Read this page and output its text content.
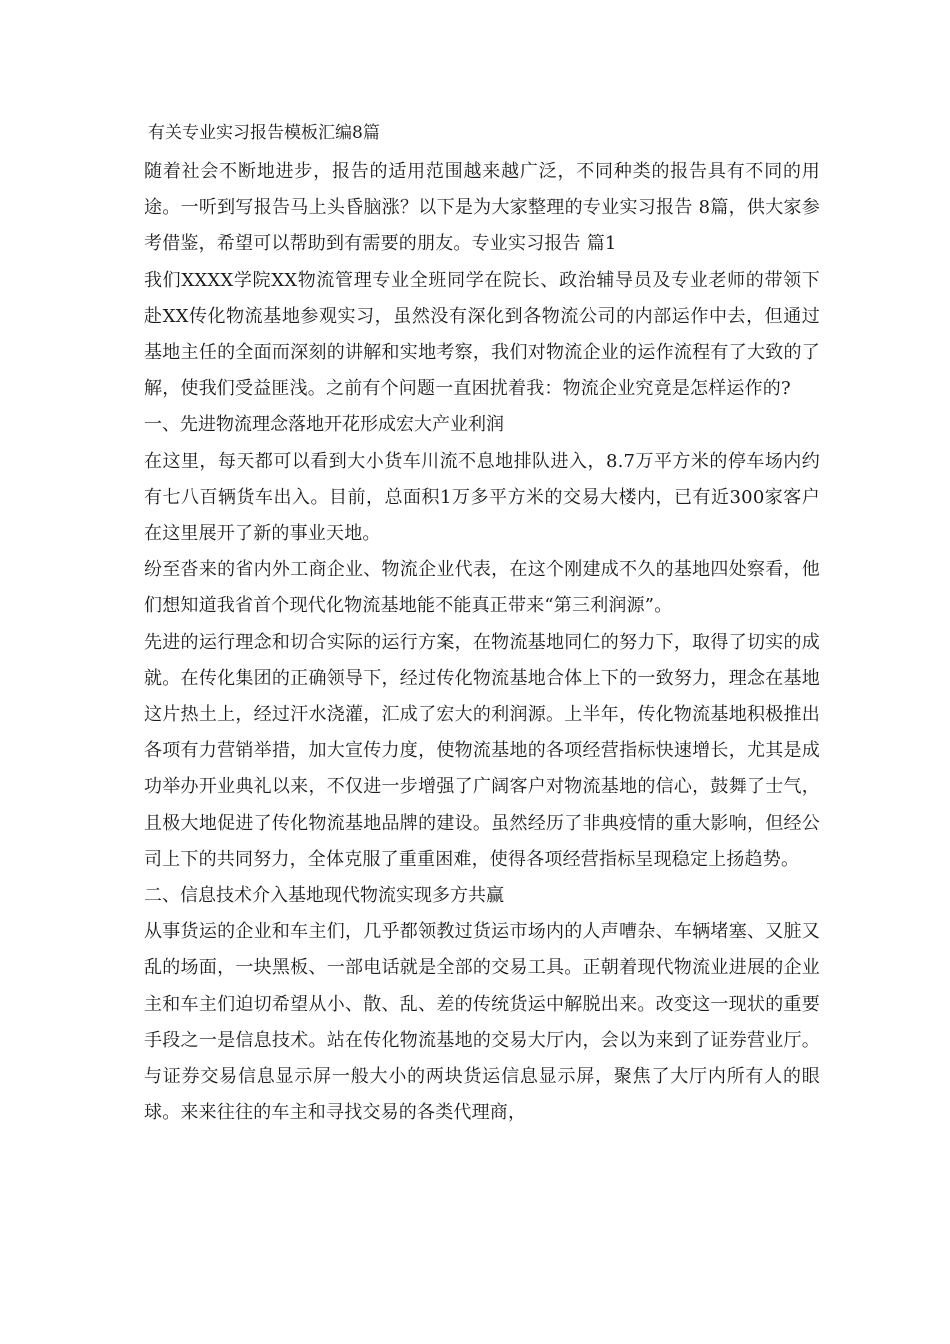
有关专业实习报告模板汇编8篇

随着社会不断地进步，报告的适用范围越来越广泛，不同种类的报告具有不同的用途。一听到写报告马上头昏脑涨？以下是为大家整理的专业实习报告 8篇，供大家参考借鉴，希望可以帮助到有需要的朋友。专业实习报告 篇1

我们XXXX学院XX物流管理专业全班同学在院长、政治辅导员及专业老师的带领下赴XX传化物流基地参观实习，虽然没有深化到各物流公司的内部运作中去，但通过基地主任的全面而深刻的讲解和实地考察，我们对物流企业的运作流程有了大致的了解，使我们受益匪浅。之前有个问题一直困扰着我：物流企业究竟是怎样运作的?

一、先进物流理念落地开花形成宏大产业利润

在这里，每天都可以看到大小货车川流不息地排队进入，8.7万平方米的停车场内约有七八百辆货车出入。目前，总面积1万多平方米的交易大楼内，已有近300家客户在这里展开了新的事业天地。

纷至沓来的省内外工商企业、物流企业代表，在这个刚建成不久的基地四处察看，他们想知道我省首个现代化物流基地能不能真正带来“第三利润源”。

先进的运行理念和切合实际的运行方案，在物流基地同仁的努力下，取得了切实的成就。在传化集团的正确领导下，经过传化物流基地合体上下的一致努力，理念在基地这片热土上，经过汗水浇灌，汇成了宏大的利润源。上半年，传化物流基地积极推出各项有力营销举措，加大宣传力度，使物流基地的各项经营指标快速增长，尤其是成功举办开业典礼以来，不仅进一步增强了广阔客户对物流基地的信心，鼓舞了士气，且极大地促进了传化物流基地品牌的建设。虽然经历了非典疫情的重大影响，但经公司上下的共同努力，全体克服了重重困难，使得各项经营指标呈现稳定上扬趋势。

二、信息技术介入基地现代物流实现多方共赢

从事货运的企业和车主们，几乎都领教过货运市场内的人声嘈杂、车辆堵塞、又脏又乱的场面，一块黑板、一部电话就是全部的交易工具。正朝着现代物流业进展的企业主和车主们迫切希望从小、散、乱、差的传统货运中解脱出来。改变这一现状的重要手段之一是信息技术。站在传化物流基地的交易大厅内，会以为来到了证券营业厅。与证券交易信息显示屏一般大小的两块货运信息显示屏，聚焦了大厅内所有人的眼球。来来往往的车主和寻找交易的各类代理商，
